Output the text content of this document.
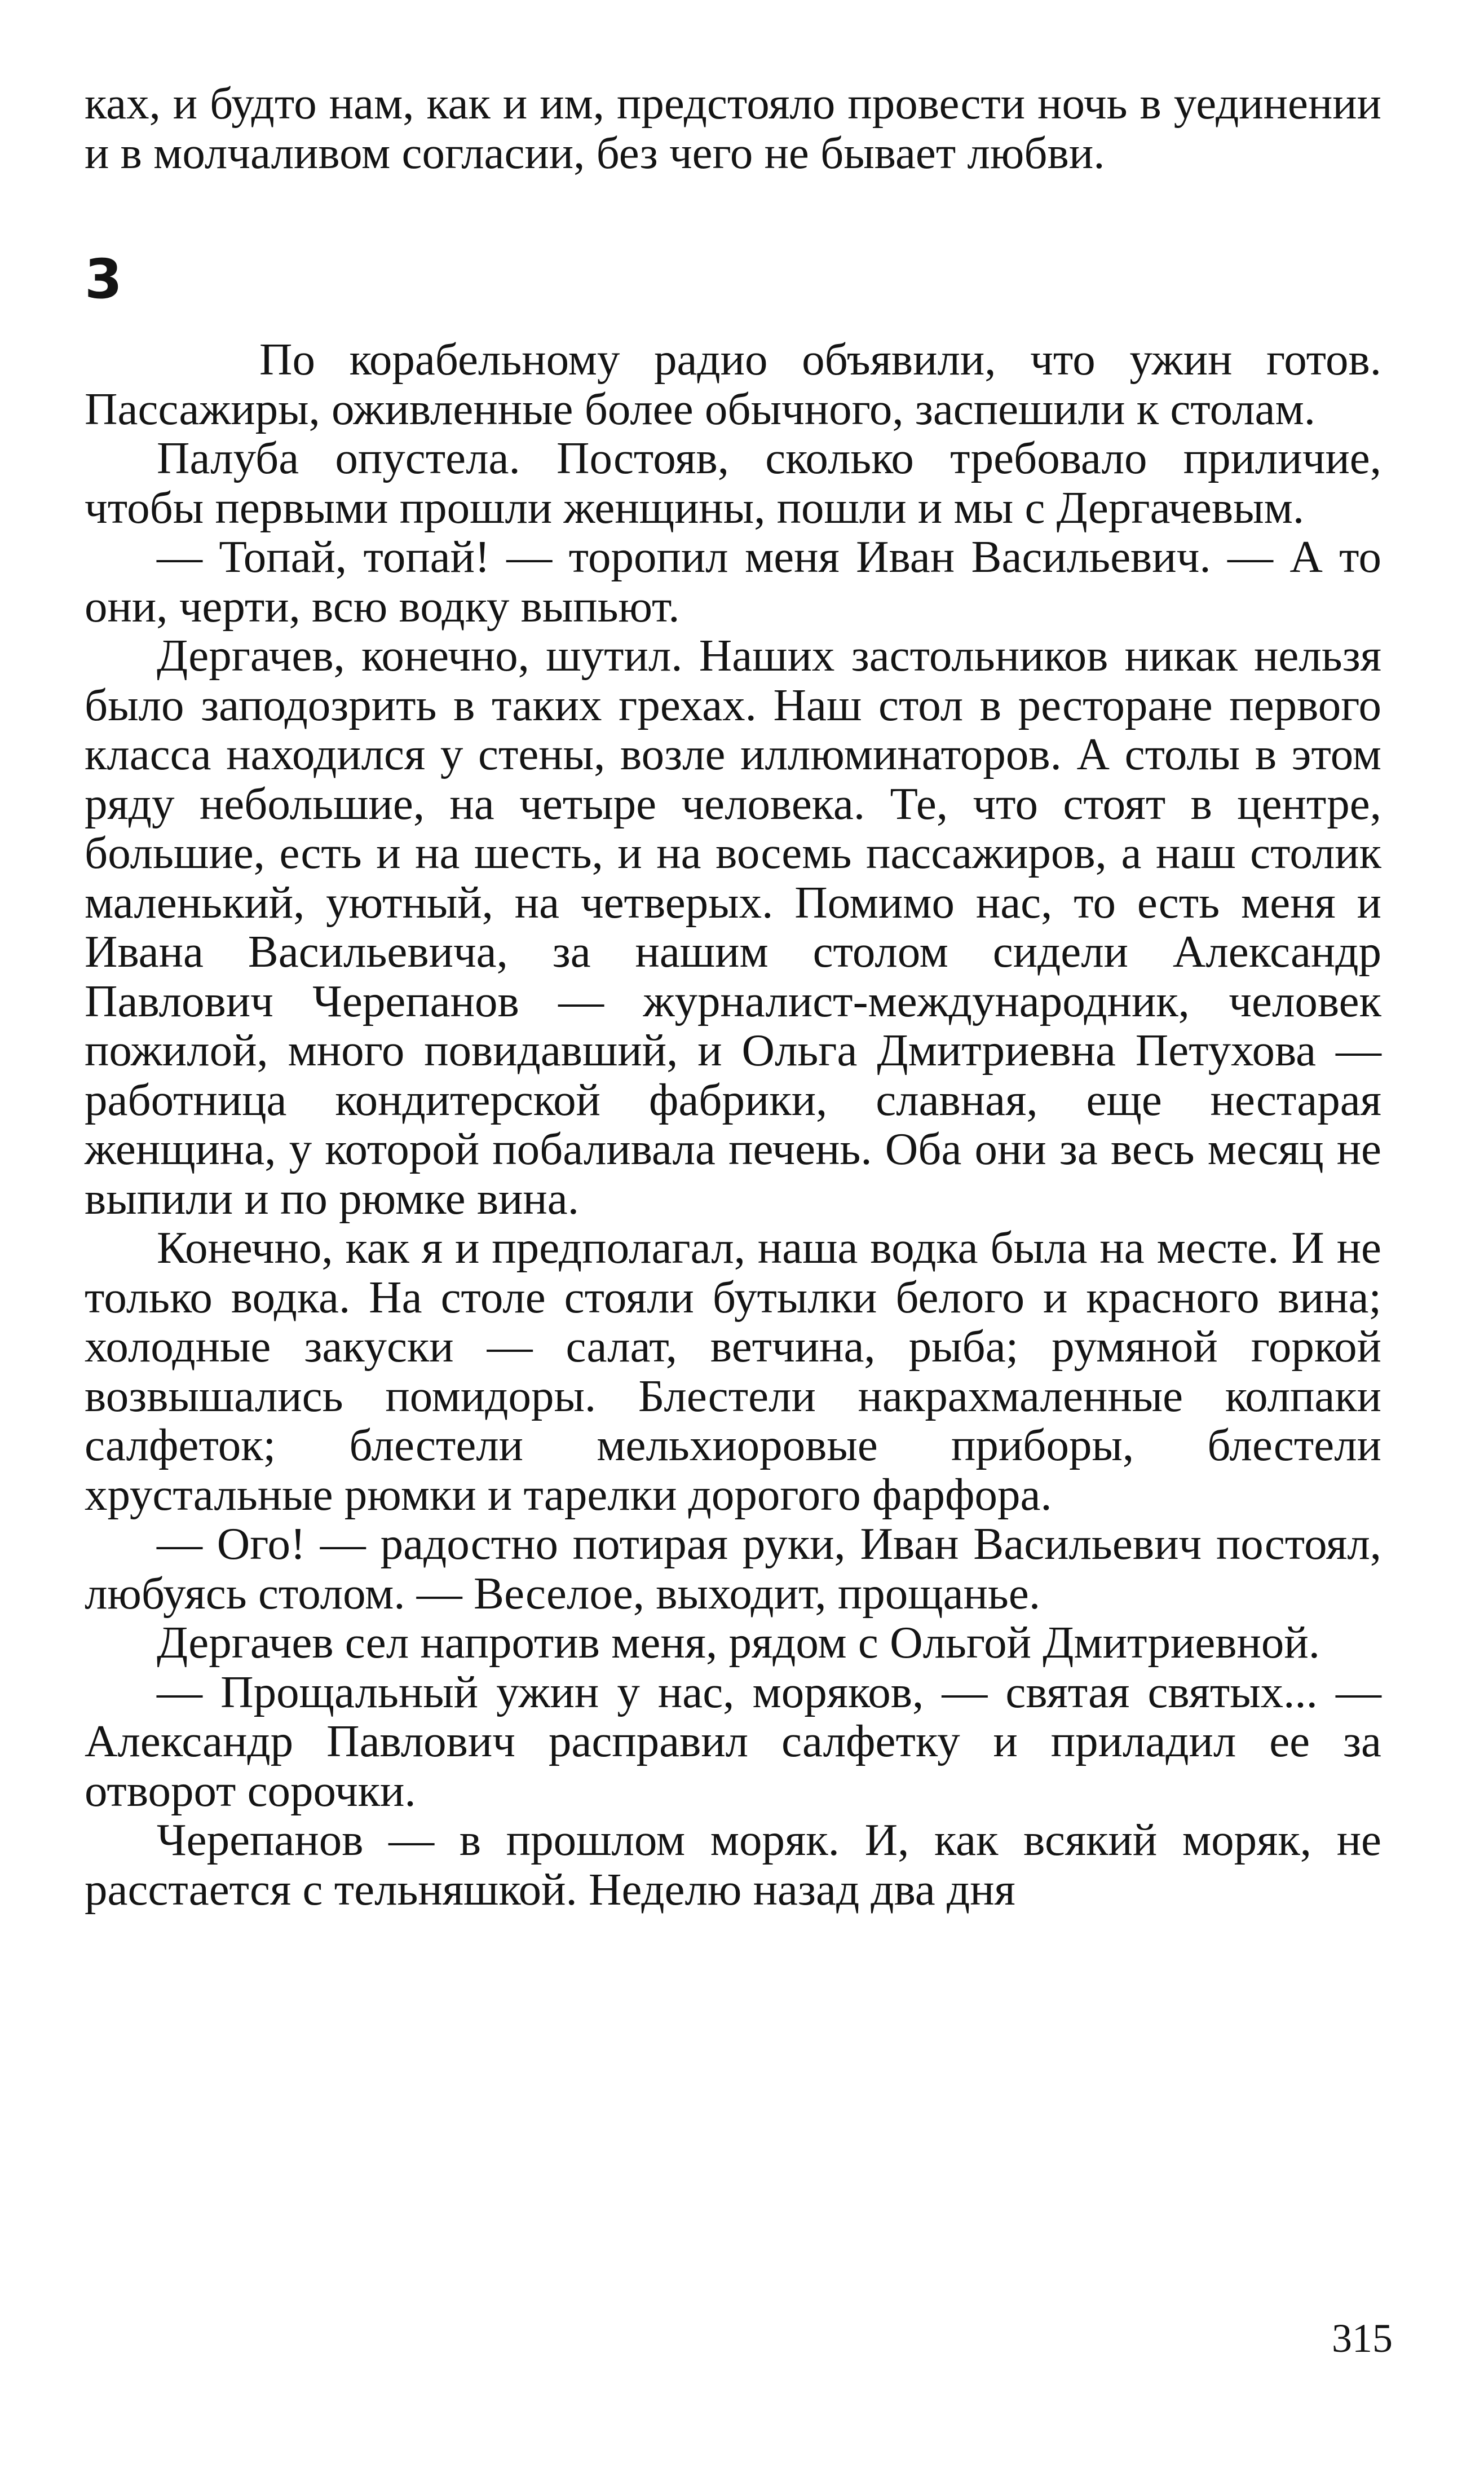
ках, и будто нам, как и им, предстояло провести ночь в уединении и в молчаливом согласии, без чего не бывает любви.

3

По корабельному радио объявили, что ужин готов. Пассажиры, оживленные более обычного, заспешили к столам.

Палуба опустела. Постояв, сколько требовало приличие, чтобы первыми прошли женщины, пошли и мы с Дергачевым.

— Топай, топай! — торопил меня Иван Васильевич. — А то они, черти, всю водку выпьют.

Дергачев, конечно, шутил. Наших застольников никак нельзя было заподозрить в таких грехах. Наш стол в ресторане первого класса находился у стены, возле иллюминаторов. А столы в этом ряду небольшие, на четыре человека. Те, что стоят в центре, большие, есть и на шесть, и на восемь пассажиров, а наш столик маленький, уютный, на четверых. Помимо нас, то есть меня и Ивана Васильевича, за нашим столом сидели Александр Павлович Черепанов — журналист-международник, человек пожилой, много повидавший, и Ольга Дмитриевна Петухова — работница кондитерской фабрики, славная, еще нестарая женщина, у которой побаливала печень. Оба они за весь месяц не выпили и по рюмке вина.

Конечно, как я и предполагал, наша водка была на месте. И не только водка. На столе стояли бутылки белого и красного вина; холодные закуски — салат, ветчина, рыба; румяной горкой возвышались помидоры. Блестели накрахмаленные колпаки салфеток; блестели мельхиоровые приборы, блестели хрустальные рюмки и тарелки дорогого фарфора.

— Ого! — радостно потирая руки, Иван Васильевич постоял, любуясь столом. — Веселое, выходит, прощанье.

Дергачев сел напротив меня, рядом с Ольгой Дмитриевной.

— Прощальный ужин у нас, моряков, — святая святых... — Александр Павлович расправил салфетку и приладил ее за отворот сорочки.

Черепанов — в прошлом моряк. И, как всякий моряк, не расстается с тельняшкой. Неделю назад два дня

315
